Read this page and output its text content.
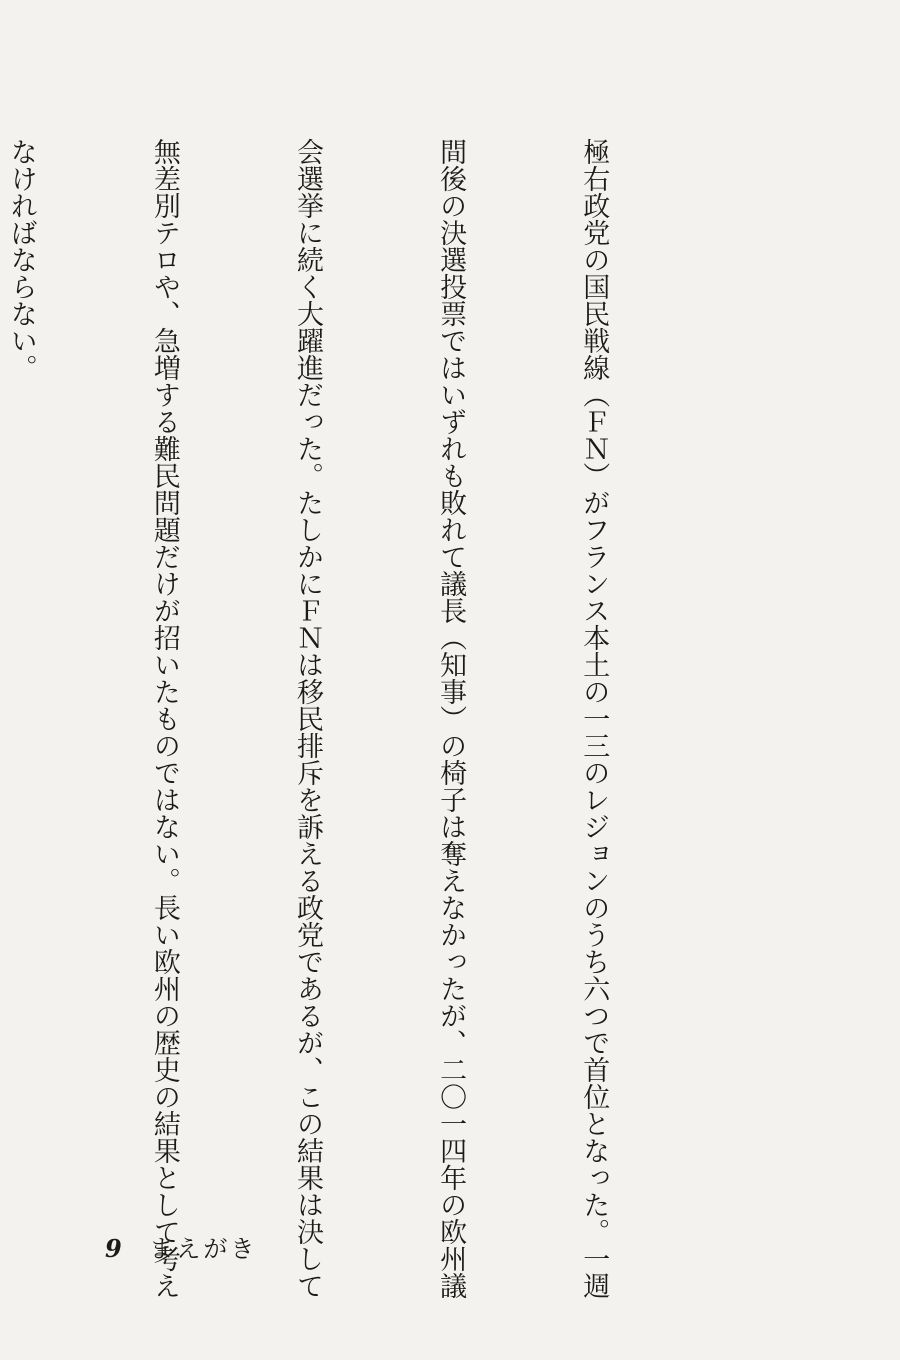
極右政党の国民戦線（ＦＮ）がフランス本土の一三のレジョンのうち六つで首位となった。一週

間後の決選投票ではいずれも敗れて議長（知事）の椅子は奪えなかったが、二〇一四年の欧州議

会選挙に続く大躍進だった。たしかにＦＮは移民排斥を訴える政党であるが、この結果は決して

無差別テロや、急増する難民問題だけが招いたものではない。長い欧州の歴史の結果として考え

なければならない。

9 まえがき
